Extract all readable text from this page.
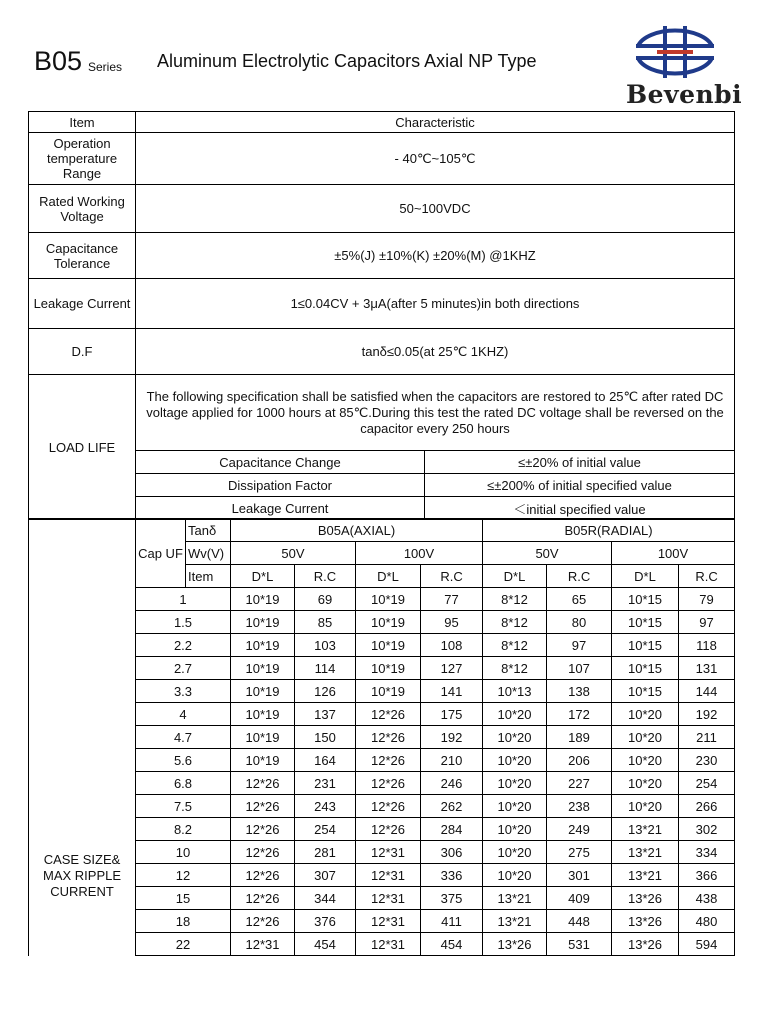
B05 Series Aluminum Electrolytic Capacitors Axial NP Type
Bevenbi
Item	Characteristic	
Operation temperature Range	- 40℃~105℃	
Rated Working Voltage	50~100VDC	
Capacitance Tolerance	±5%(J) ±10%(K) ±20%(M) @1KHZ	
Leakage Current	1≤0.04CV + 3μA(after 5 minutes)in both directions	
D.F	tanδ≤0.05(at 25℃ 1KHZ)	
LOAD LIFE	The following specification shall be satisfied when the capacitors are restored to 25℃ after rated DC voltage applied for 1000 hours at 85℃.During this test the rated DC voltage shall be reversed on the capacitor every 250 hours	
	Capacitance Change	≤±20% of initial value
	Dissipation Factor	≤±200% of initial specified value
	Leakage Current	＜initial specified value
CASE SIZE& MAX RIPPLE CURRENT	Cap UF	Tanδ	B05A(AXIAL)				B05R(RADIAL)			
		Wv(V)	50V		100V		50V		100V	
		Item	D*L	R.C	D*L	R.C	D*L	R.C	D*L	R.C
	1		10*19	69	10*19	77	8*12	65	10*15	79
	1.5		10*19	85	10*19	95	8*12	80	10*15	97
	2.2		10*19	103	10*19	108	8*12	97	10*15	118
	2.7		10*19	114	10*19	127	8*12	107	10*15	131
	3.3		10*19	126	10*19	141	10*13	138	10*15	144
	4		10*19	137	12*26	175	10*20	172	10*20	192
	4.7		10*19	150	12*26	192	10*20	189	10*20	211
	5.6		10*19	164	12*26	210	10*20	206	10*20	230
	6.8		12*26	231	12*26	246	10*20	227	10*20	254
	7.5		12*26	243	12*26	262	10*20	238	10*20	266
	8.2		12*26	254	12*26	284	10*20	249	13*21	302
	10		12*26	281	12*31	306	10*20	275	13*21	334
	12		12*26	307	12*31	336	10*20	301	13*21	366
	15		12*26	344	12*31	375	13*21	409	13*26	438
	18		12*26	376	12*31	411	13*21	448	13*26	480
	22		12*31	454	12*31	454	13*26	531	13*26	594
